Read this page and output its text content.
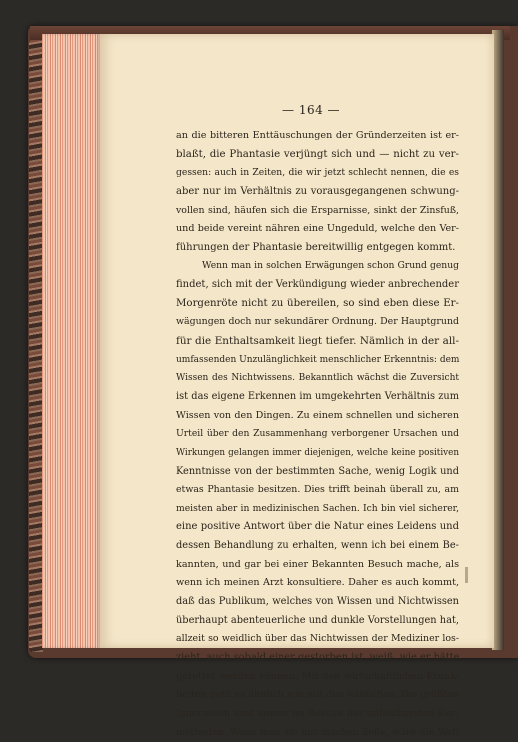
— 164 —
an die bitteren Enttäuschungen der Gründerzeiten ist er-
blaßt, die Phantasie verjüngt sich und — nicht zu ver-
gessen: auch in Zeiten, die wir jetzt schlecht nennen, die es
aber nur im Verhältnis zu vorausgegangenen schwung-
vollen sind, häufen sich die Ersparnisse, sinkt der Zinsfuß,
und beide vereint nähren eine Ungeduld, welche den Ver-
führungen der Phantasie bereitwillig entgegen kommt.
Wenn man in solchen Erwägungen schon Grund genug
findet, sich mit der Verkündigung wieder anbrechender
Morgenröte nicht zu übereilen, so sind eben diese Er-
wägungen doch nur sekundärer Ordnung. Der Hauptgrund
für die Enthaltsamkeit liegt tiefer. Nämlich in der all-
umfassenden Unzulänglichkeit menschlicher Erkenntnis: dem
Wissen des Nichtwissens. Bekanntlich wächst die Zuversicht
ist das eigene Erkennen im umgekehrten Verhältnis zum
Wissen von den Dingen. Zu einem schnellen und sicheren
Urteil über den Zusammenhang verborgener Ursachen und
Wirkungen gelangen immer diejenigen, welche keine positiven
Kenntnisse von der bestimmten Sache, wenig Logik und
etwas Phantasie besitzen. Dies trifft beinah überall zu, am
meisten aber in medizinischen Sachen. Ich bin viel sicherer,
eine positive Antwort über die Natur eines Leidens und
dessen Behandlung zu erhalten, wenn ich bei einem Be-
kannten, und gar bei einer Bekannten Besuch mache, als
wenn ich meinen Arzt konsultiere. Daher es auch kommt,
daß das Publikum, welches von Wissen und Nichtwissen
überhaupt abenteuerliche und dunkle Vorstellungen hat,
allzeit so weidlich über das Nichtwissen der Mediziner los-
zieht, auch sobald einer gestorben ist, weiß, wie er hätte
gerettet werden können. Mit den wirtschaftlichen Krank-
heiten geht es ähnlich wie mit den leiblichen. Die größten
Ignoranten sind immer im Besitze der unfehlbarsten Kur-
methoden. Wenn man sie nur machen ließe, wäre die Welt
